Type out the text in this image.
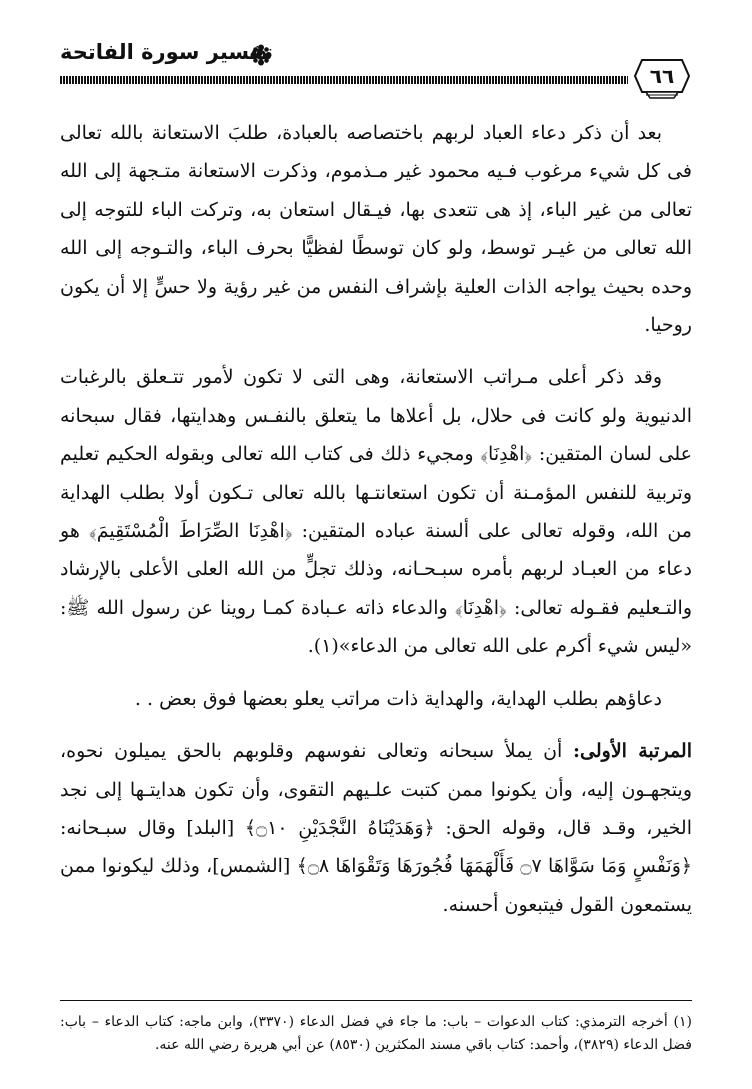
٦٦
تفسير سورة الفاتحة

بعد أن ذكر دعاء العباد لربهم باختصاصه بالعبادة، طلبَ الاستعانة بالله تعالى فى كل شيء مرغوب فـيه محمود غير مـذموم، وذكرت الاستعانة متـجهة إلى الله تعالى من غير الباء، إذ هى تتعدى بها، فيـقال استعان به، وتركت الباء للتوجه إلى الله تعالى من غيـر توسط، ولو كان توسطًا لفظيًّا بحرف الباء، والتـوجه إلى الله وحده بحيث يواجه الذات العلية بإشراف النفس من غير رؤية ولا حسٍّ إلا أن يكون روحيا.

وقد ذكر أعلى مـراتب الاستعانة، وهى التى لا تكون لأمور تتـعلق بالرغبات الدنيوية ولو كانت فى حلال، بل أعلاها ما يتعلق بالنفـس وهدايتها، فقال سبحانه على لسان المتقين: ﴿اهْدِنَا﴾ ومجيء ذلك فى كتاب الله تعالى وبقوله الحكيم تعليم وتربية للنفس المؤمـنة أن تكون استعانتـها بالله تعالى تـكون أولا بطلب الهداية من الله، وقوله تعالى على ألسنة عباده المتقين: ﴿اهْدِنَا الصِّرَاطَ الْمُسْتَقِيمَ﴾ هو دعاء من العبـاد لربهم بأمره سبـحـانه، وذلك تجلٍّ من الله العلى الأعلى بالإرشاد والتـعليم فقـوله تعالى: ﴿اهْدِنَا﴾ والدعاء ذاته عـبادة كمـا روينا عن رسول الله ﷺ: «ليس شيء أكرم على الله تعالى من الدعاء»(١).

دعاؤهم بطلب الهداية، والهداية ذات مراتب يعلو بعضها فوق بعض . .

المرتبة الأولى: أن يملأ سبحانه وتعالى نفوسهم وقلوبهم بالحق يميلون نحوه، ويتجهـون إليه، وأن يكونوا ممن كتبت علـيهم التقوى، وأن تكون هدايتـها إلى نجد الخير، وقـد قال، وقوله الحق: ﴿وَهَدَيْنَاهُ النَّجْدَيْنِ ۝١٠﴾ [البلد] وقال سبـحانه: ﴿وَنَفْسٍ وَمَا سَوَّاهَا ۝٧ فَأَلْهَمَهَا فُجُورَهَا وَتَقْوَاهَا ۝٨﴾ [الشمس]، وذلك ليكونوا ممن يستمعون القول فيتبعون أحسنه.

(١) أخرجه الترمذي: كتاب الدعوات – باب: ما جاء في فضل الدعاء (٣٣٧٠)، وابن ماجه: كتاب الدعاء – باب: فضل الدعاء (٣٨٢٩)، وأحمد: كتاب باقي مسند المكثرين (٨٥٣٠) عن أبي هريرة رضي الله عنه.
